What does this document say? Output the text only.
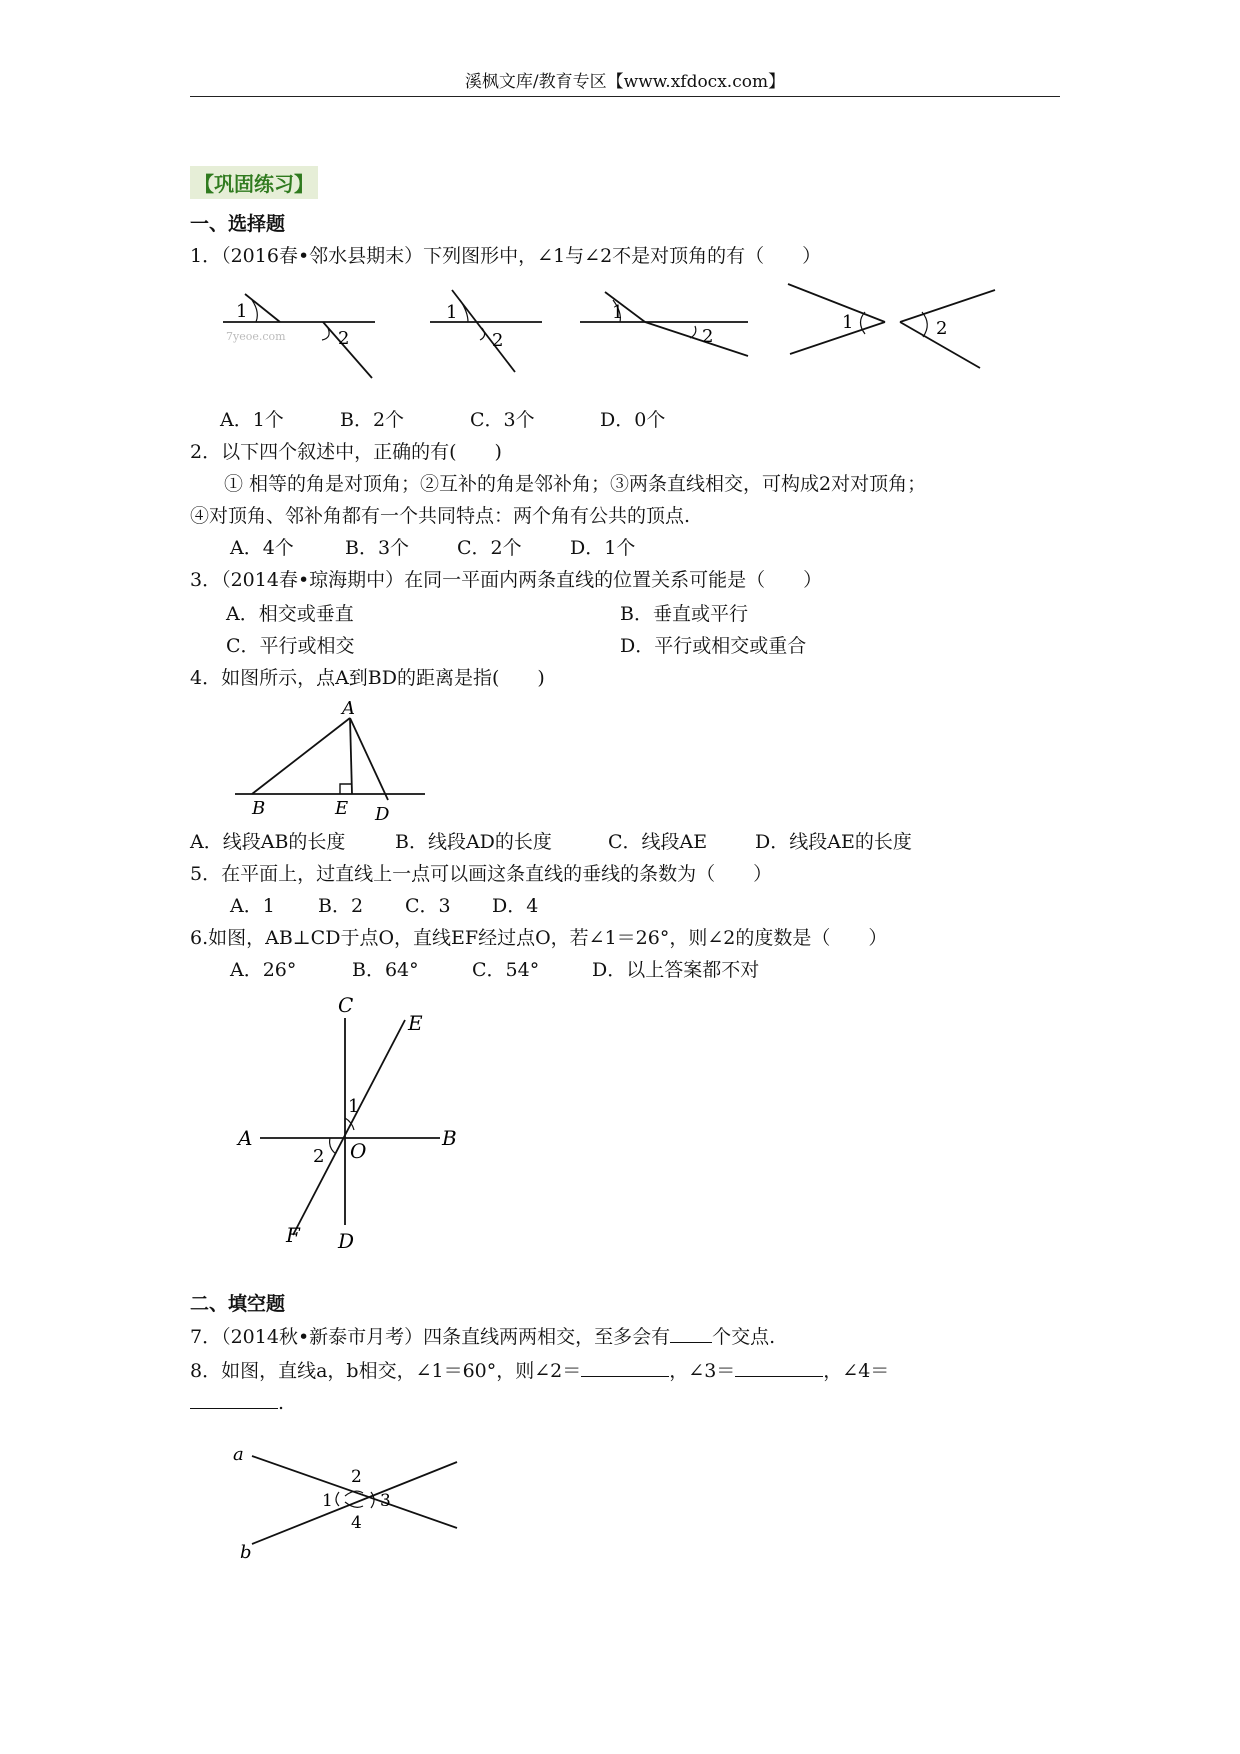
溪枫文库/教育专区【www.xfdocx.com】
【巩固练习】
一、选择题
1．（2016春•邻水县期末）下列图形中，∠1与∠2不是对顶角的有（　　）
1
2
7yeoe.com
1
2
1
2
1	2
A．1个	B．2个	C．3个	D．0个
2．以下四个叙述中，正确的有(　　)
① 相等的角是对顶角；②互补的角是邻补角；③两条直线相交，可构成2对对顶角；
④对顶角、邻补角都有一个共同特点：两个角有公共的顶点.
A．4个	B．3个	C．2个	D．1个
3．（2014春•琼海期中）在同一平面内两条直线的位置关系可能是（　　）
A．相交或垂直	B．垂直或平行
C．平行或相交	D．平行或相交或重合
4．如图所示，点A到BD的距离是指(　　)
A
B	E D
A．线段AB的长度	B．线段AD的长度	C．线段AE	D．线段AE的长度
5．在平面上，过直线上一点可以画这条直线的垂线的条数为（　　）
A．1 B．2 C．3 D．4
6.如图，AB⊥CD于点O，直线EF经过点O，若∠1＝26°，则∠2的度数是（　　）
A．26°	B．64°	C．54°	D．以上答案都不对
C
E
A	B
O
F D
1
2
二、填空题
7．（2014秋•新泰市月考）四条直线两两相交，至多会有 个交点.
8．如图，直线a，b相交，∠1＝60°，则∠2＝	，∠3＝	，∠4＝
.
a
b
1
2
3
4
